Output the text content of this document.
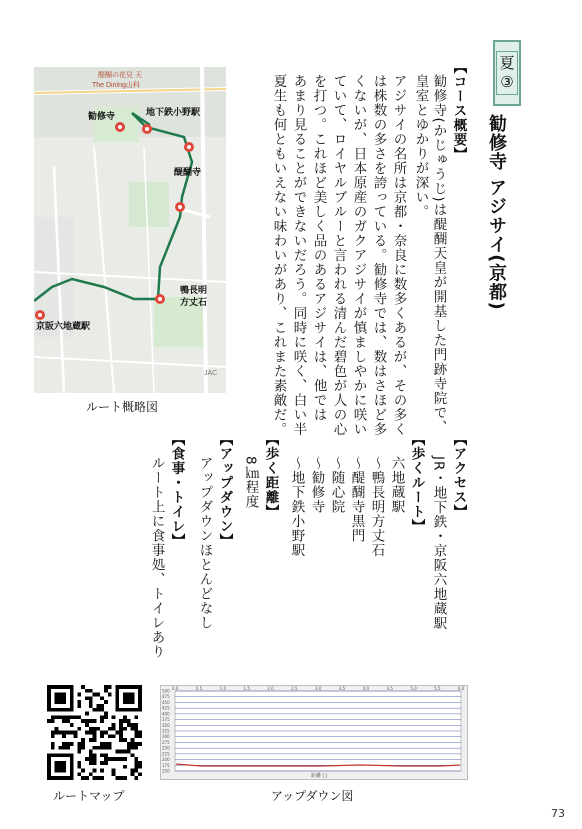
夏
③
勧修寺 アジサイ(京都)
【コース概要】
勧修寺(かじゅうじ)は醍醐天皇が開基した門跡寺院で、
皇室とゆかりが深い。
アジサイの名所は京都・奈良に数多くあるが、その多く
は株数の多さを誇っている。勧修寺では、数はさほど多
くないが、日本原産のガクアジサイが慎ましやかに咲い
ていて、ロイヤルブルーと言われる清んだ碧色が人の心
を打つ。これほど美しく品のあるアジサイは、他では
あまり見ることができないだろう。同時に咲く、白い半
夏生も何ともいえない味わいがあり、これまた素敵だ。
【アクセス】
JR・地下鉄・京阪六地蔵駅
【歩くルート】
六地蔵駅
～鴨長明方丈石
～醍醐寺黒門
～随心院
～勧修寺
～地下鉄小野駅
【歩く距離】
8㎞程度
【アップダウン】
アップダウンほとんどなし
【食事・トイレ】
ルート上に食事処、トイレあり
醍醐の花見 天
The Dining山科
勧修寺	地下鉄小野駅
醍醐寺
鴨長明
方丈石
京阪六地蔵駅
JAC
ルート概略図
ルートマップ
500
475
450
425
400
375
350
325
300
275
250
225
200
175
150
0.0	0.5	1.0	1.5	2.0	2.5	3.0	3.5	4.0	4.5	5.0	5.5	6.0
距離 ( )
アップダウン図
73
